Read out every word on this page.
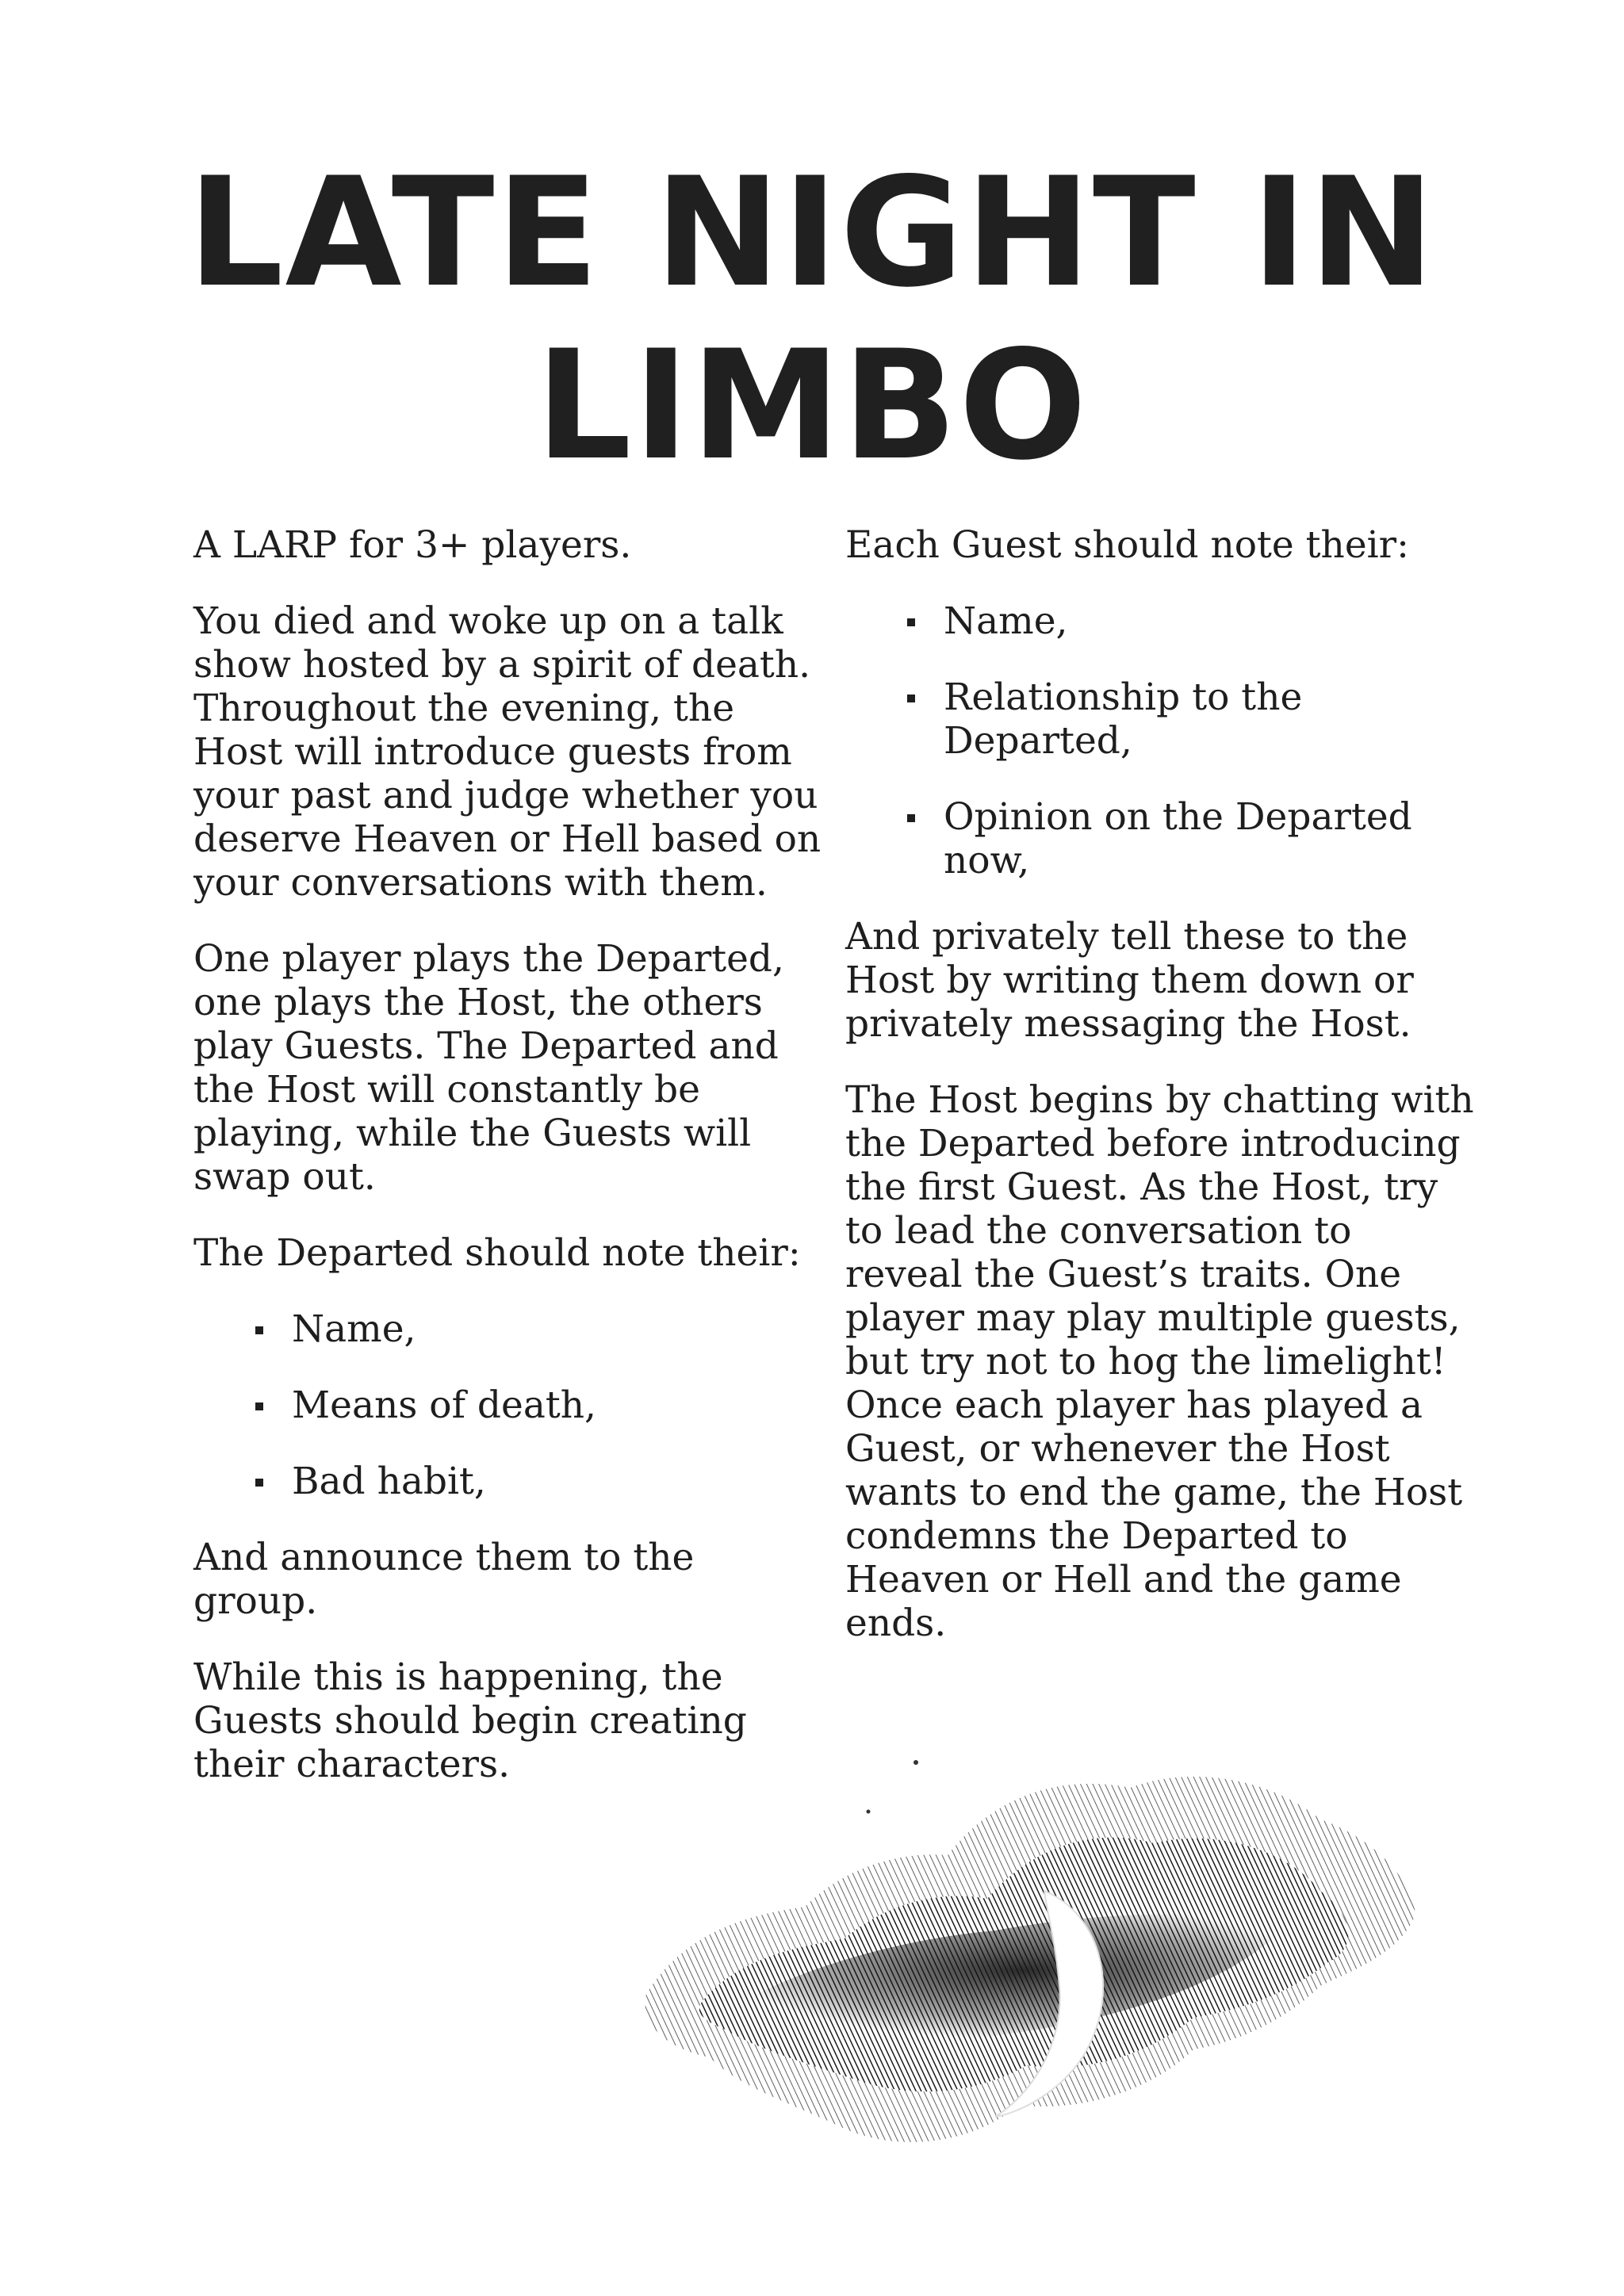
LATE NIGHT IN
LIMBO

A LARP for 3+ players.

You died and woke up on a talk show hosted by a spirit of death. Throughout the evening, the Host will introduce guests from your past and judge whether you deserve Heaven or Hell based on your conversations with them.

One player plays the Departed, one plays the Host, the others play Guests. The Departed and the Host will constantly be playing, while the Guests will swap out.

The Departed should note their:

Name,
Means of death,
Bad habit,

And announce them to the group.

While this is happening, the Guests should begin creating their characters.

Each Guest should note their:

Name,
Relationship to the Departed,
Opinion on the Departed now,

And privately tell these to the Host by writing them down or privately messaging the Host.

The Host begins by chatting with the Departed before introducing the first Guest. As the Host, try to lead the conversation to reveal the Guest’s traits. One player may play multiple guests, but try not to hog the limelight! Once each player has played a Guest, or whenever the Host wants to end the game, the Host condemns the Departed to Heaven or Hell and the game ends.
